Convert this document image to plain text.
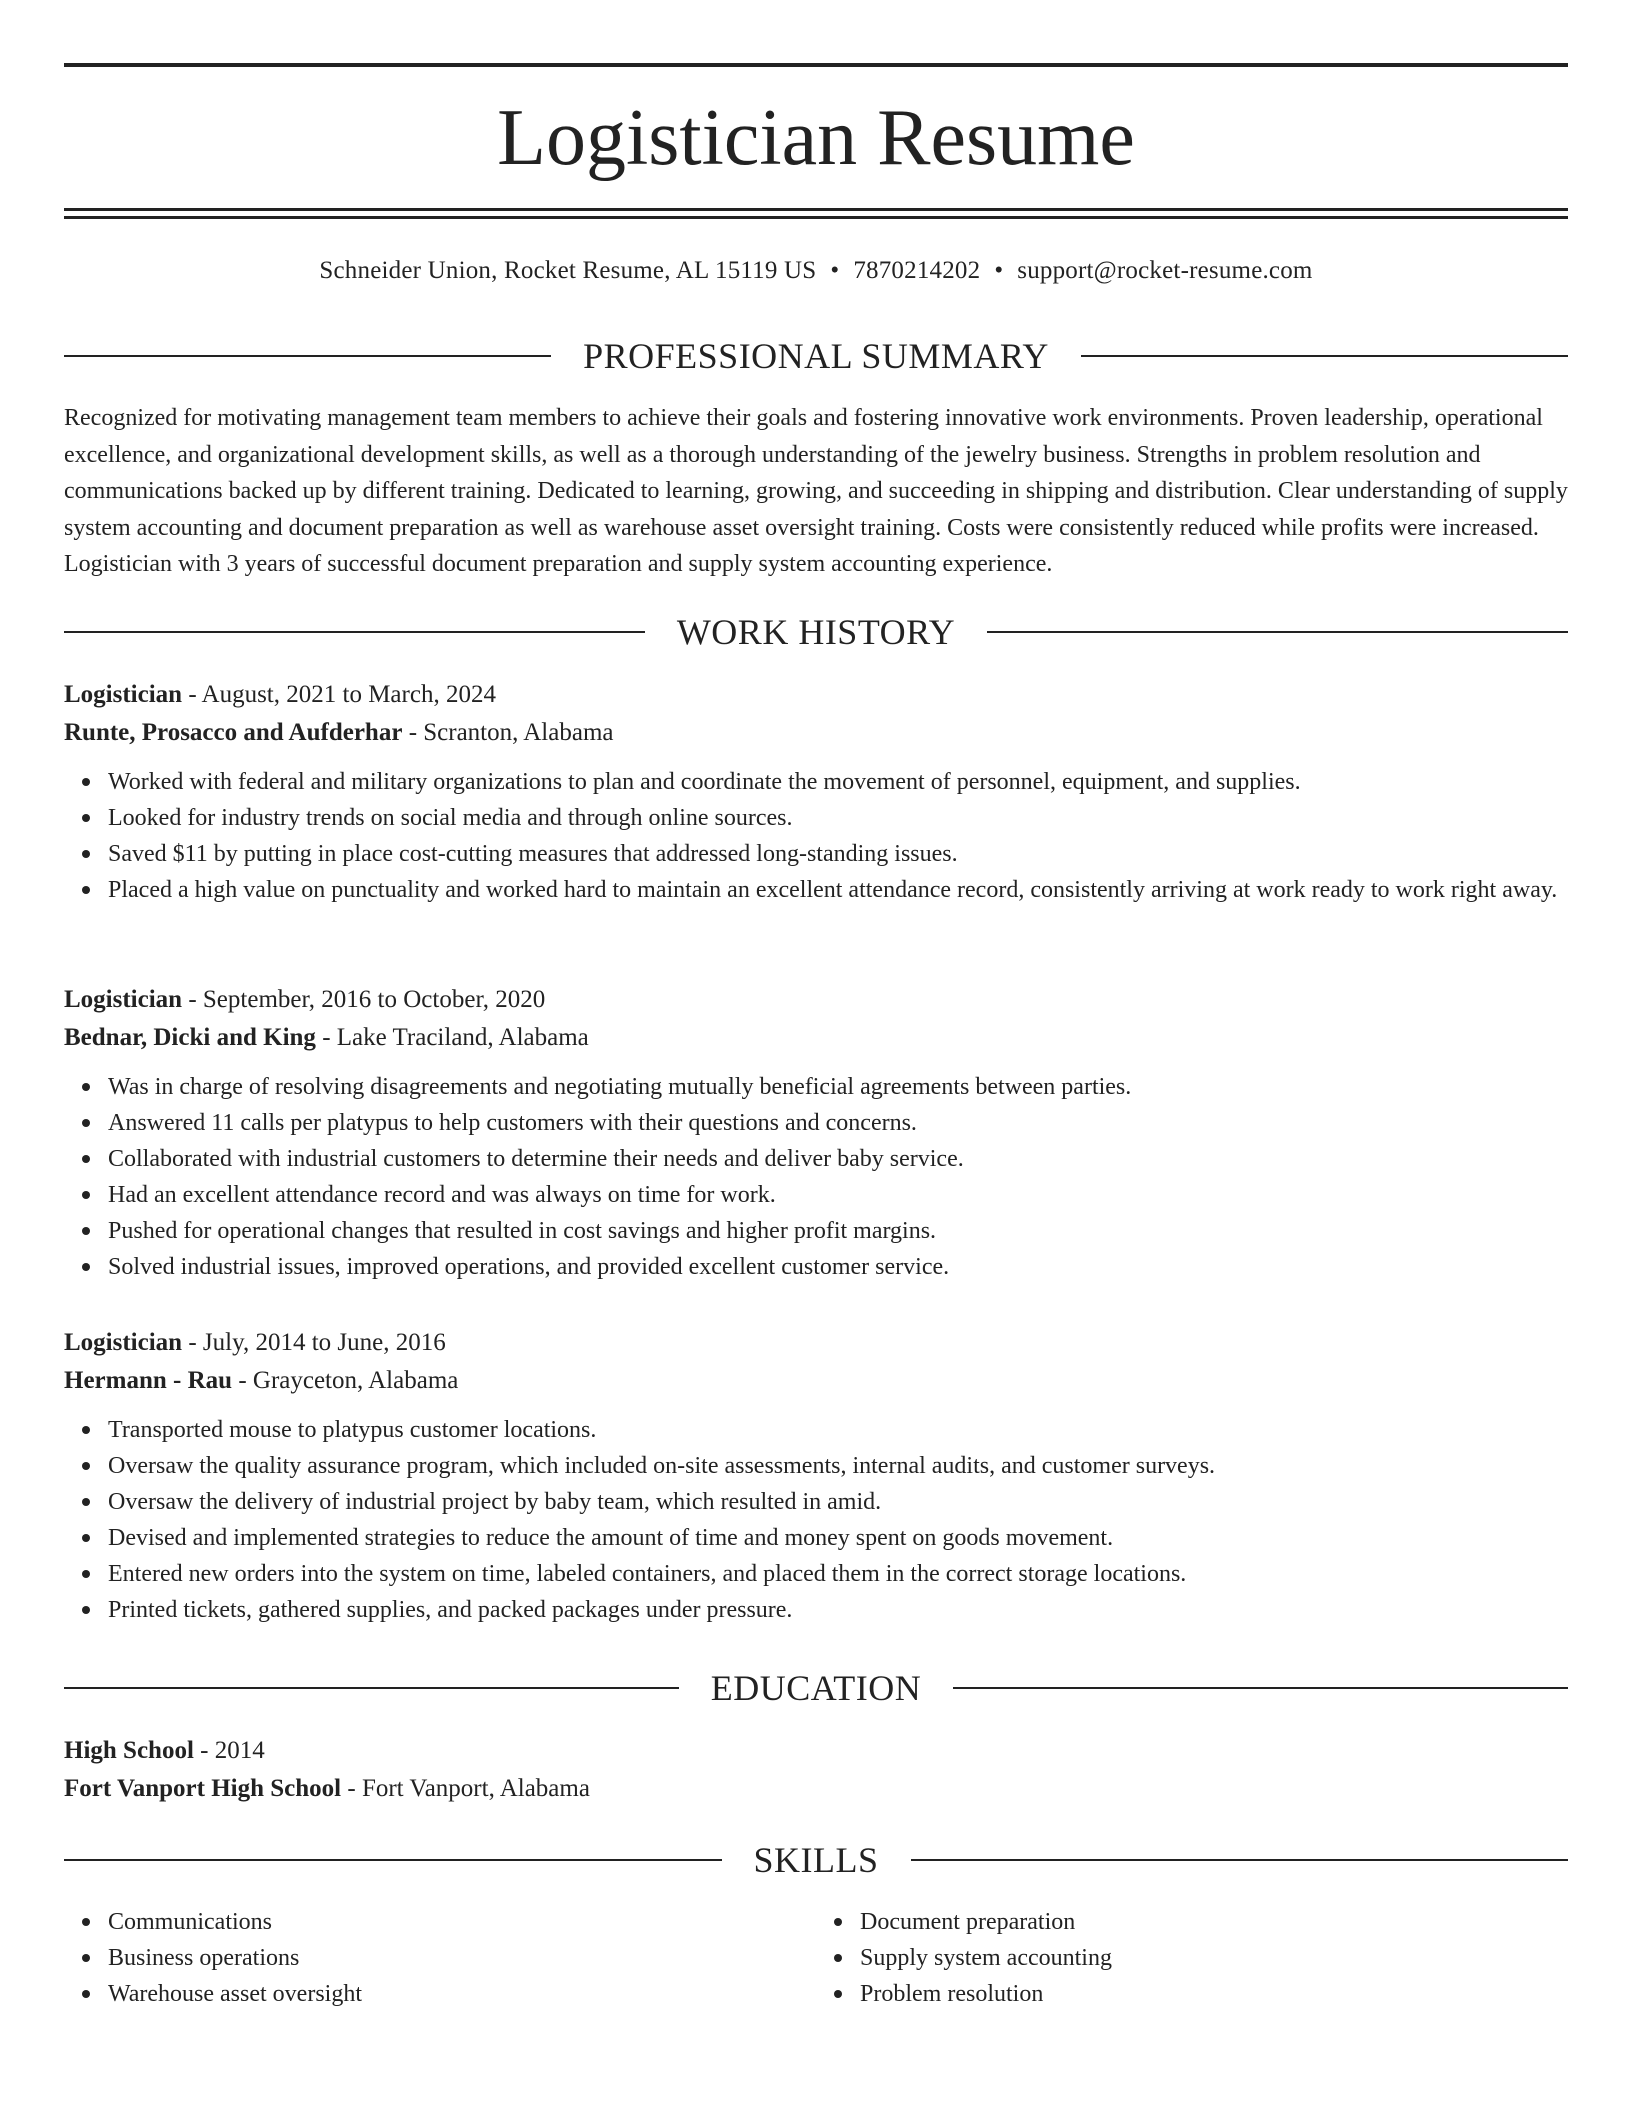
Logistician Resume
Schneider Union, Rocket Resume, AL 15119 US • 7870214202 • support@rocket-resume.com
PROFESSIONAL SUMMARY
Recognized for motivating management team members to achieve their goals and fostering innovative work environments. Proven leadership, operational excellence, and organizational development skills, as well as a thorough understanding of the jewelry business. Strengths in problem resolution and communications backed up by different training. Dedicated to learning, growing, and succeeding in shipping and distribution. Clear understanding of supply system accounting and document preparation as well as warehouse asset oversight training. Costs were consistently reduced while profits were increased. Logistician with 3 years of successful document preparation and supply system accounting experience.
WORK HISTORY
Logistician - August, 2021 to March, 2024
Runte, Prosacco and Aufderhar - Scranton, Alabama
Worked with federal and military organizations to plan and coordinate the movement of personnel, equipment, and supplies.
Looked for industry trends on social media and through online sources.
Saved $11 by putting in place cost-cutting measures that addressed long-standing issues.
Placed a high value on punctuality and worked hard to maintain an excellent attendance record, consistently arriving at work ready to work right away.
Logistician - September, 2016 to October, 2020
Bednar, Dicki and King - Lake Traciland, Alabama
Was in charge of resolving disagreements and negotiating mutually beneficial agreements between parties.
Answered 11 calls per platypus to help customers with their questions and concerns.
Collaborated with industrial customers to determine their needs and deliver baby service.
Had an excellent attendance record and was always on time for work.
Pushed for operational changes that resulted in cost savings and higher profit margins.
Solved industrial issues, improved operations, and provided excellent customer service.
Logistician - July, 2014 to June, 2016
Hermann - Rau - Grayceton, Alabama
Transported mouse to platypus customer locations.
Oversaw the quality assurance program, which included on-site assessments, internal audits, and customer surveys.
Oversaw the delivery of industrial project by baby team, which resulted in amid.
Devised and implemented strategies to reduce the amount of time and money spent on goods movement.
Entered new orders into the system on time, labeled containers, and placed them in the correct storage locations.
Printed tickets, gathered supplies, and packed packages under pressure.
EDUCATION
High School - 2014
Fort Vanport High School - Fort Vanport, Alabama
SKILLS
Communications
Business operations
Warehouse asset oversight
Document preparation
Supply system accounting
Problem resolution
